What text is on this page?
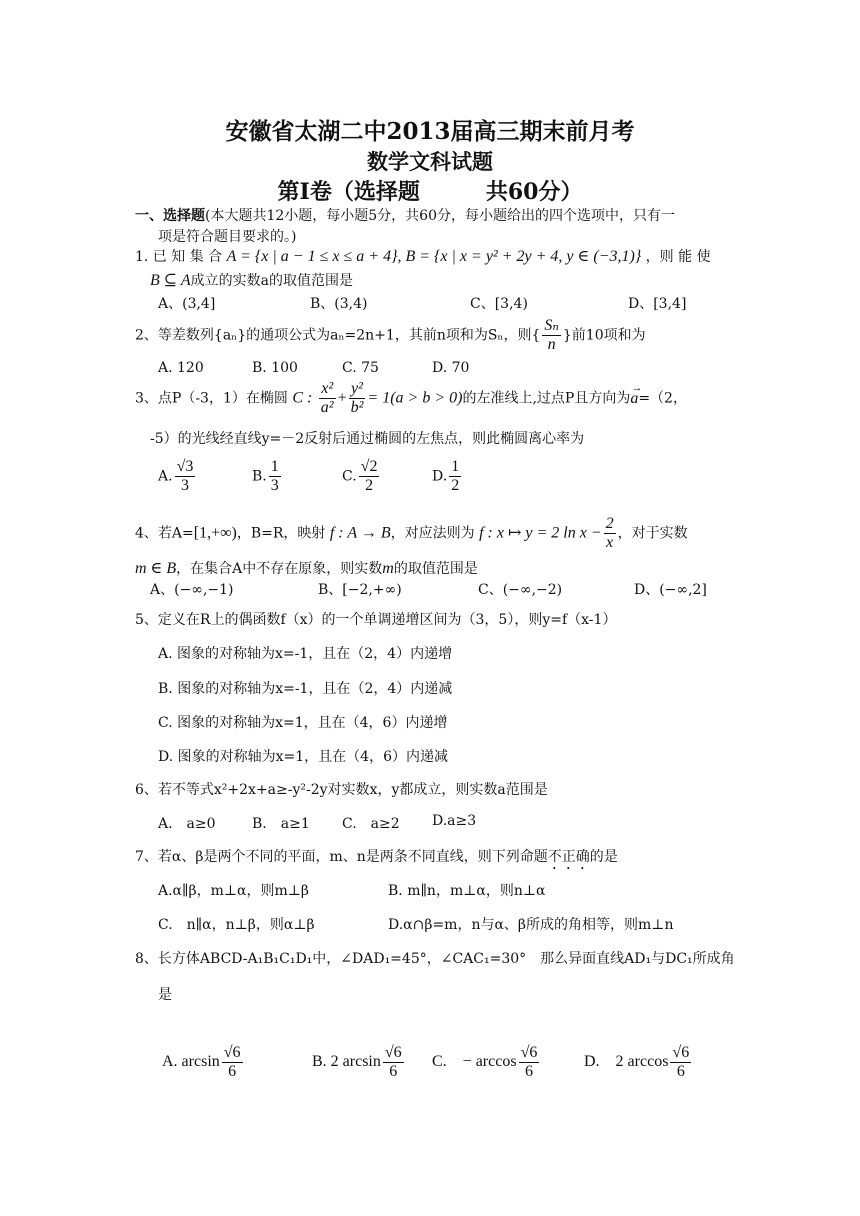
安徽省太湖二中2013届高三期末前月考
数学文科试题
第Ⅰ卷（选择题　　　共60分）
一、选择题(本大题共12小题，每小题5分，共60分，每小题给出的四个选项中，只有一
项是符合题目要求的。)
1. 已 知 集 合 A = {x | a − 1 ≤ x ≤ a + 4}, B = {x | x = y² + 2y + 4, y ∈ (−3,1)} ，则 能 使
B ⊆ A成立的实数a的取值范围是
A、(3,4]	B、(3,4)	C、[3,4)	D、[3,4]
2、等差数列{aₙ}的通项公式为aₙ=2n+1，其前n项和为Sₙ，则{ $\frac{\text{Sₙ}}{n}$ }前10项和为
A. 120	B. 100	C. 75	D. 70
3、点P（-3，1）在椭圆 C : $\frac{\text{x²}}{\text{a²}} + \frac{\text{y²}}{\text{b²}} = 1(a > b > 0)$的左准线上,过点P且方向为
→
a=（2，
-5）的光线经直线y=－2反射后通过椭圆的左焦点，则此椭圆离心率为
A. $\frac{√3}{3}$	B. $\frac{1}{3}$	C. $\frac{√2}{2}$	D. $\frac{1}{2}$
4、若A=[1,+∞)，B=R，映射 f : A → B，对应法则为 f : x ↦ y = 2 $\ln x - \frac{2}{x}$ ，对于实数
m ∈ B，在集合A中不存在原象，则实数m的取值范围是
A、(−∞,−1)	B、[−2,+∞)	C、(−∞,−2)	D、(−∞,2]
5、定义在R上的偶函数f（x）的一个单调递增区间为（3，5），则y=f（x-1）
A. 图象的对称轴为x=-1，且在（2，4）内递增
B. 图象的对称轴为x=-1，且在（2，4）内递减
C. 图象的对称轴为x=1，且在（4，6）内递增
D. 图象的对称轴为x=1，且在（4，6）内递减
6、若不等式x²+2x+a≥-y²-2y对实数x，y都成立，则实数a范围是
A.　a≥0	B.　a≥1 C.　a≥2 D.a≥3
7、若α、β是两个不同的平面，m、n是两条不同直线，则下列命题不正确的是
A.α∥β，m⊥α，则m⊥β	B. m∥n，m⊥α，则n⊥α
C.　n∥α，n⊥β，则α⊥β	D.α∩β=m，n与α、β所成的角相等，则m⊥n
8、长方体ABCD-A₁B₁C₁D₁中，∠DAD₁=45°，∠CAC₁=30°　那么异面直线AD₁与DC₁所成角
是
A. $\arcsin \frac{√6}{6}$	B. 2 $\arcsin \frac{√6}{6} C$.　− $\arccos \frac{√6}{6}$	D.　2 $\arccos \frac{√6}{6}$
